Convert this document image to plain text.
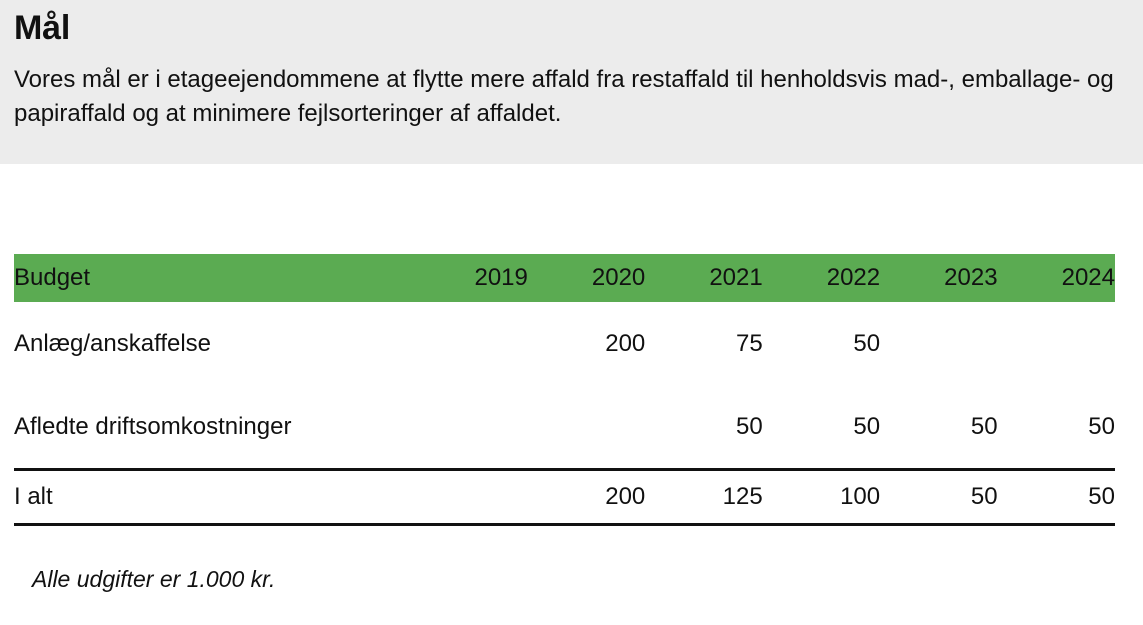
Mål

Vores mål er i etageejendommene at flytte mere affald fra restaffald til henholdsvis mad-, emballage- og papiraffald og at minimere fejlsorteringer af affaldet.

Budget	2019	2020	2021	2022	2023	2024
Anlæg/anskaffelse		200	75	50		
Afledte driftsomkostninger			50	50	50	50
I alt		200	125	100	50	50
Alle udgifter er 1.000 kr.
